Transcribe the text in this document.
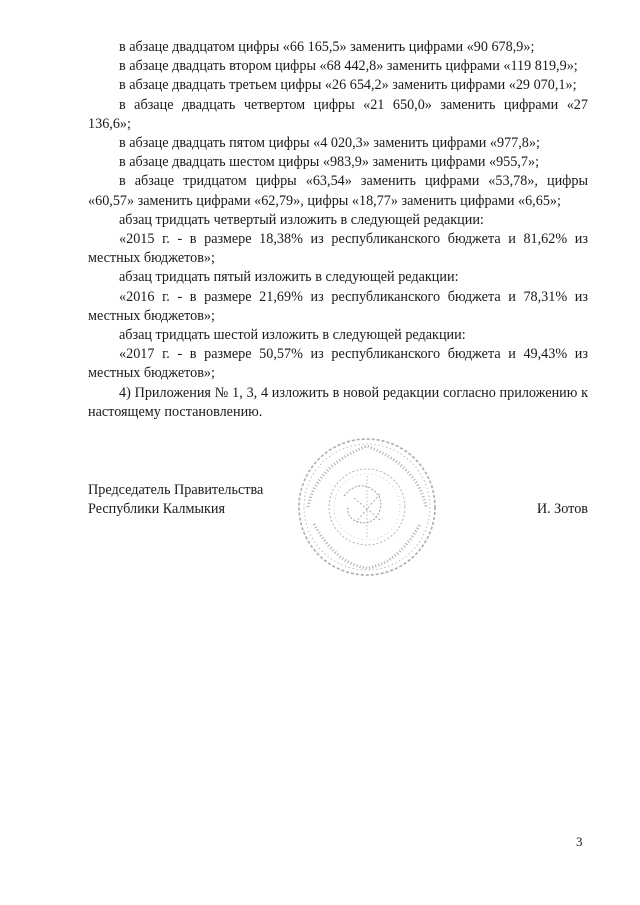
в абзаце двадцатом цифры «66 165,5» заменить цифрами «90 678,9»;

в абзаце двадцать втором цифры «68 442,8» заменить цифрами «119 819,9»;

в абзаце двадцать третьем цифры «26 654,2» заменить цифрами «29 070,1»;

в абзаце двадцать четвертом цифры «21 650,0» заменить цифрами «27 136,6»;

в абзаце двадцать пятом цифры «4 020,3» заменить цифрами «977,8»;

в абзаце двадцать шестом цифры «983,9» заменить цифрами «955,7»;

в абзаце тридцатом цифры «63,54» заменить цифрами «53,78», цифры «60,57» заменить цифрами «62,79», цифры «18,77» заменить цифрами «6,65»;

абзац тридцать четвертый изложить в следующей редакции:

«2015 г. - в размере 18,38% из республиканского бюджета и 81,62% из местных бюджетов»;

абзац тридцать пятый изложить в следующей редакции:

«2016 г. - в размере 21,69% из республиканского бюджета и 78,31% из местных бюджетов»;

абзац тридцать шестой изложить в следующей редакции:

«2017 г. - в размере 50,57% из республиканского бюджета и 49,43% из местных бюджетов»;

4) Приложения № 1, 3, 4 изложить в новой редакции согласно приложению к настоящему постановлению.

Председатель Правительства
Республики Калмыкия	И. Зотов
3
